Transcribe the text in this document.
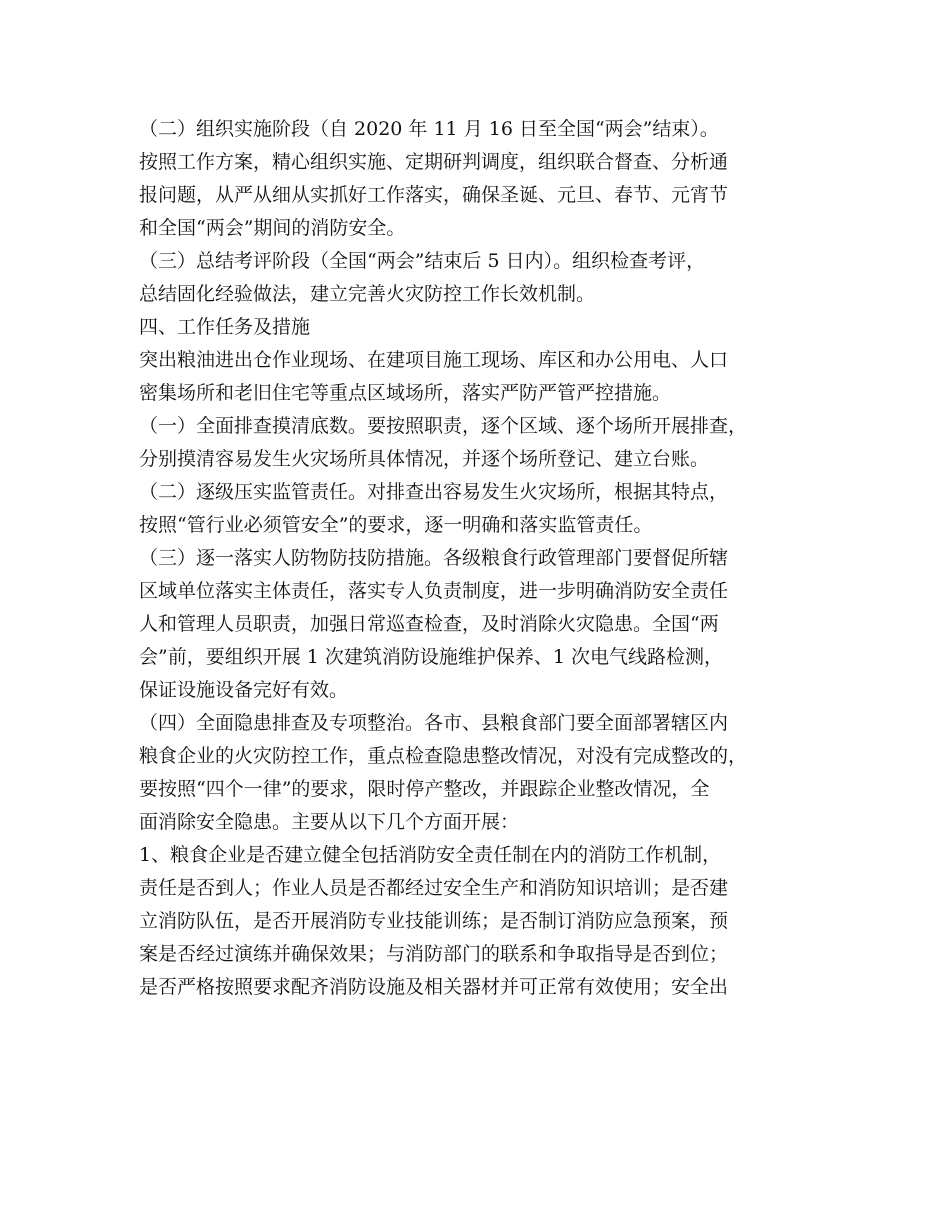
（二）组织实施阶段（自 2020 年 11 月 16 日至全国“两会”结束）。
按照工作方案，精心组织实施、定期研判调度，组织联合督查、分析通
报问题，从严从细从实抓好工作落实，确保圣诞、元旦、春节、元宵节
和全国“两会”期间的消防安全。
（三）总结考评阶段（全国“两会”结束后 5 日内）。组织检查考评，
总结固化经验做法，建立完善火灾防控工作长效机制。
四、工作任务及措施
突出粮油进出仓作业现场、在建项目施工现场、库区和办公用电、人口
密集场所和老旧住宅等重点区域场所，落实严防严管严控措施。
（一）全面排查摸清底数。要按照职责，逐个区域、逐个场所开展排查，
分别摸清容易发生火灾场所具体情况，并逐个场所登记、建立台账。
（二）逐级压实监管责任。对排查出容易发生火灾场所，根据其特点，
按照“管行业必须管安全”的要求，逐一明确和落实监管责任。
（三）逐一落实人防物防技防措施。各级粮食行政管理部门要督促所辖
区域单位落实主体责任，落实专人负责制度，进一步明确消防安全责任
人和管理人员职责，加强日常巡查检查，及时消除火灾隐患。全国“两
会”前，要组织开展 1 次建筑消防设施维护保养、1 次电气线路检测，
保证设施设备完好有效。
（四）全面隐患排查及专项整治。各市、县粮食部门要全面部署辖区内
粮食企业的火灾防控工作，重点检查隐患整改情况，对没有完成整改的，
要按照“四个一律”的要求，限时停产整改，并跟踪企业整改情况，全
面消除安全隐患。主要从以下几个方面开展：
1、粮食企业是否建立健全包括消防安全责任制在内的消防工作机制，
责任是否到人；作业人员是否都经过安全生产和消防知识培训；是否建
立消防队伍，是否开展消防专业技能训练；是否制订消防应急预案，预
案是否经过演练并确保效果；与消防部门的联系和争取指导是否到位；
是否严格按照要求配齐消防设施及相关器材并可正常有效使用；安全出
